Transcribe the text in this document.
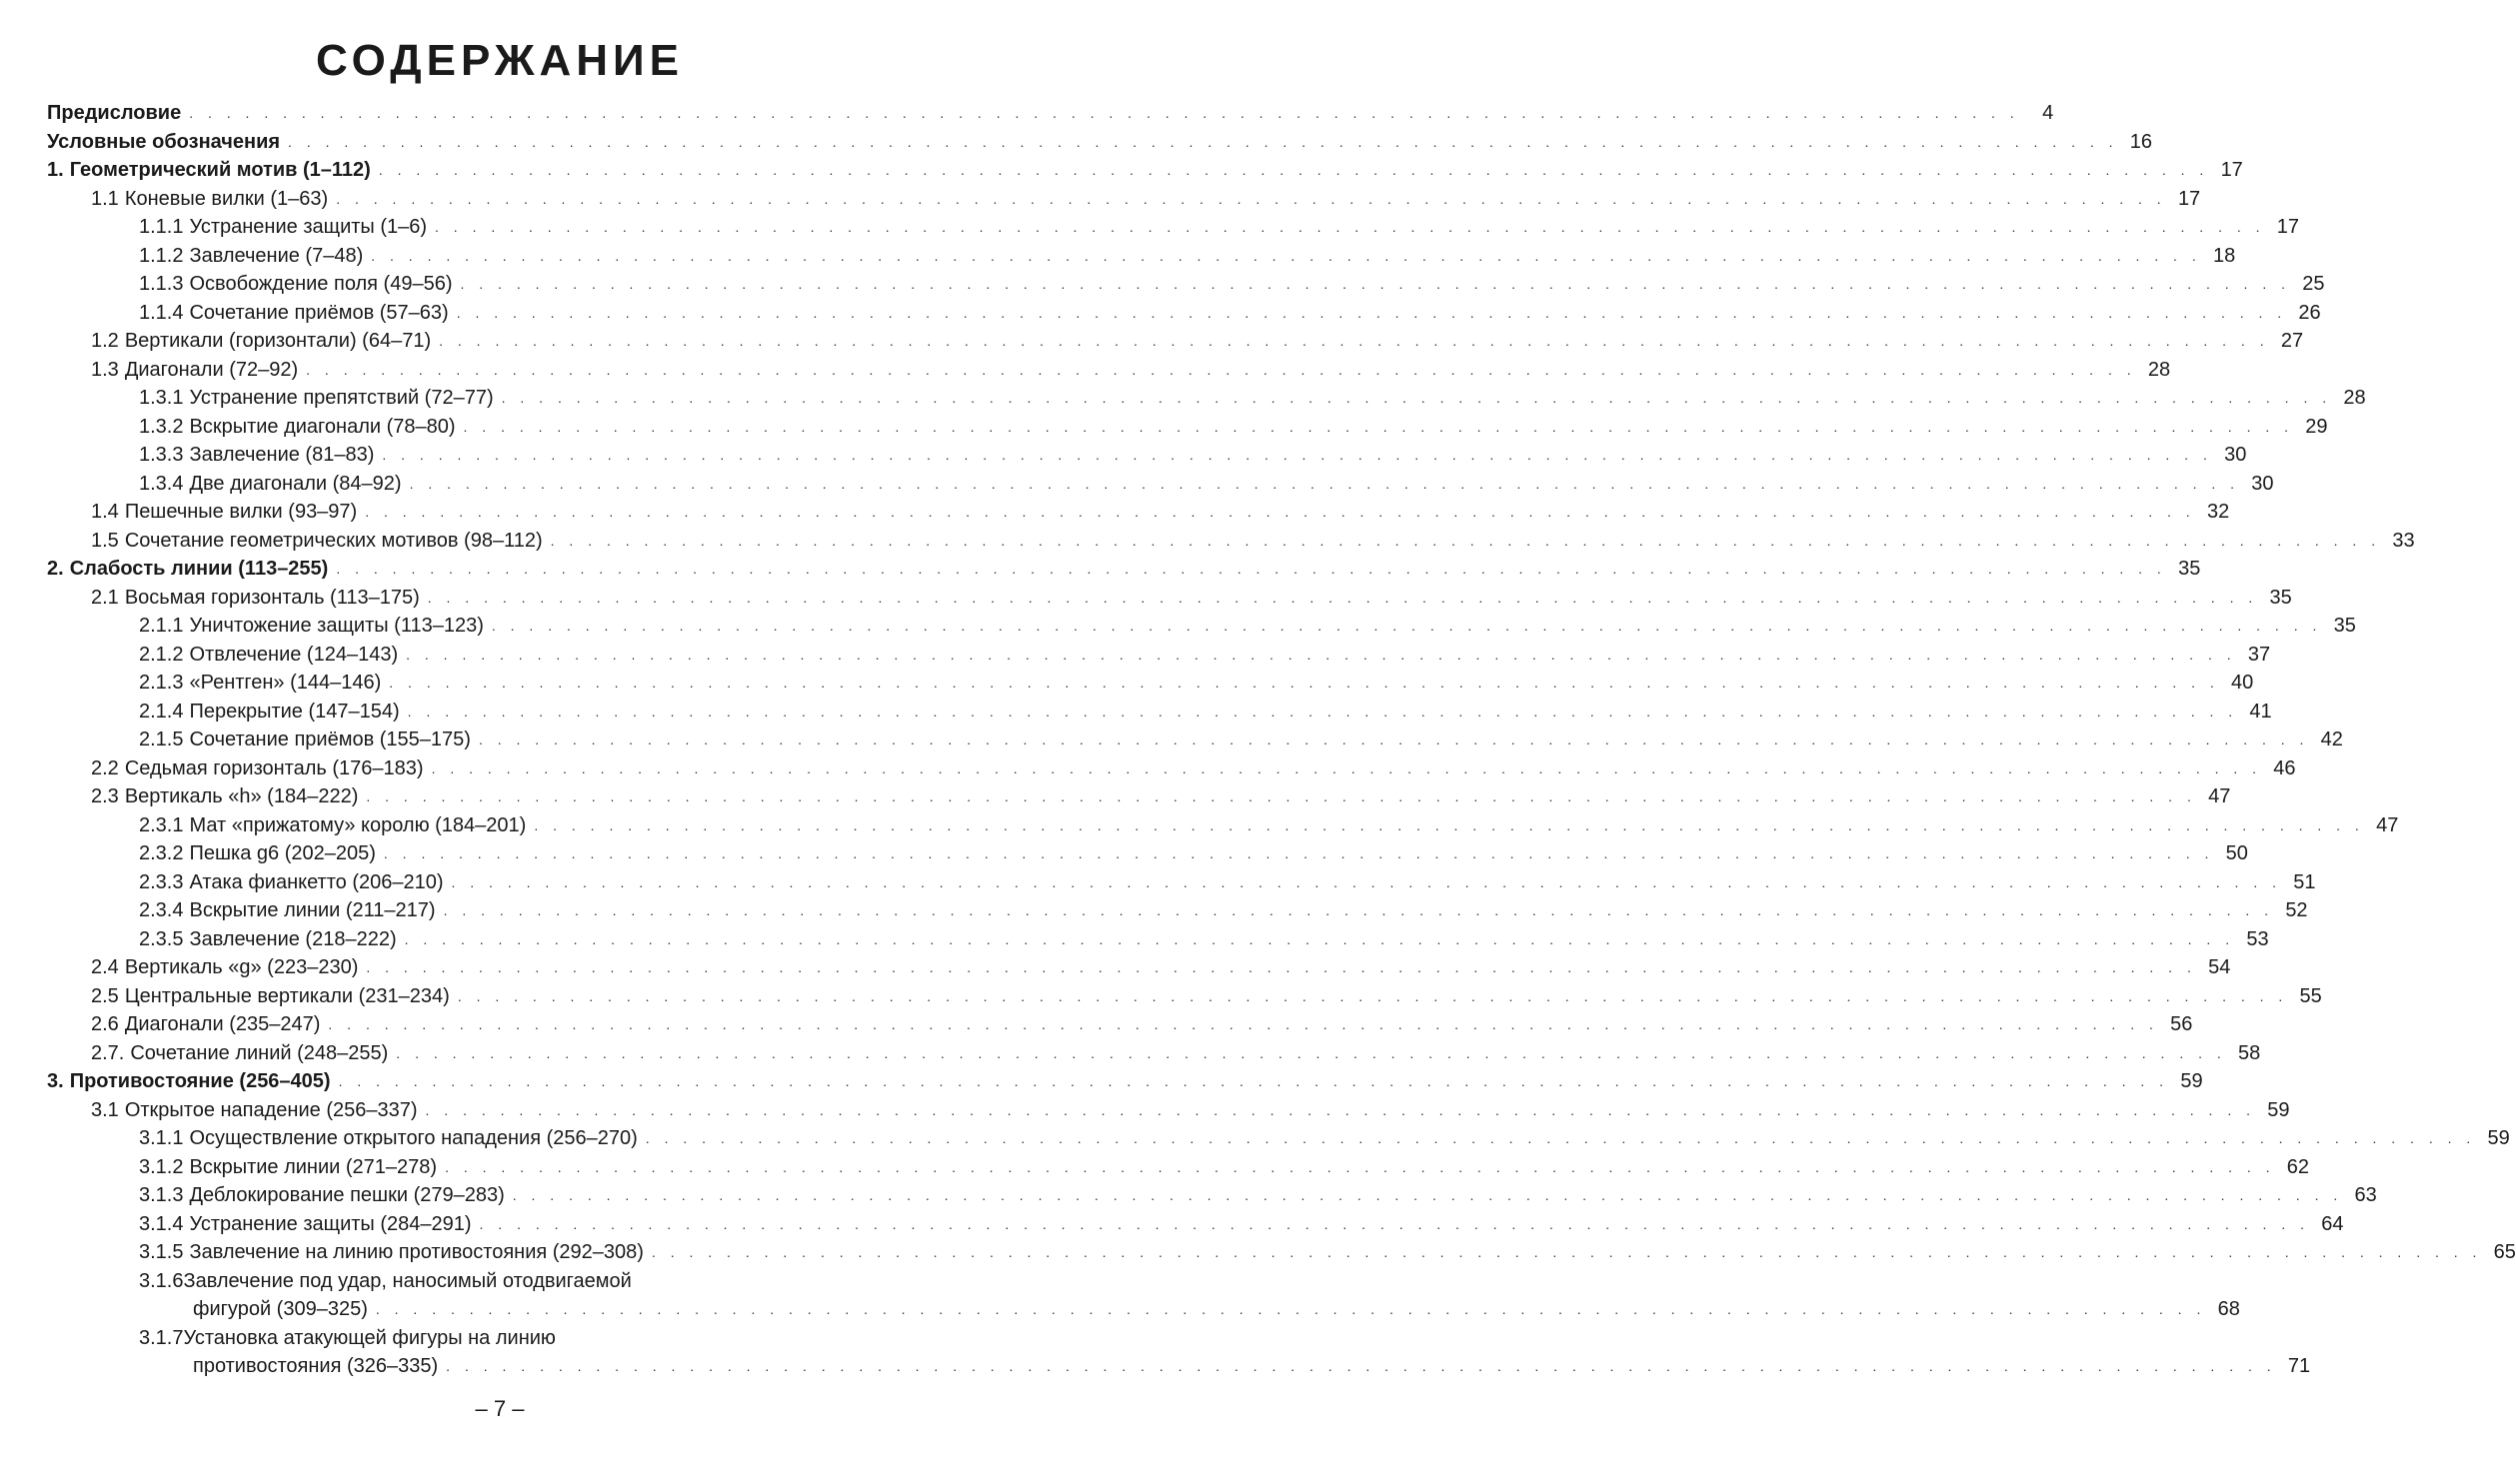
СОДЕРЖАНИЕ
Предисловие . . . . . . . . . . . . . . . . . . . . . . . . . . . . . . . . . . . . . . . . . . . . . . . . . . . . . . . . . . . . . . . . . . . . . . . . . . . . . . . . . . . . . . . . . . . . . . . . . .	4
Условные обозначения . . . . . . . . . . . . . . . . . . . . . . . . . . . . . . . . . . . . . . . . . . . . . . . . . . . . . . . . . . . . . . . . . . . . . . . . . . . . . . . . . . . . . . . . . . . . . . . . . . 16
1. Геометрический мотив (1–112) . . . . . . . . . . . . . . . . . . . . . . . . . . . . . . . . . . . . . . . . . . . . . . . . . . . . . . . . . . . . . . . . . . . . . . . . . . . . . . . . . . . . . . . . . . . . . . . . . . 17
1.1 Коневые вилки (1–63) . . . . . . . . . . . . . . . . . . . . . . . . . . . . . . . . . . . . . . . . . . . . . . . . . . . . . . . . . . . . . . . . . . . . . . . . . . . . . . . . . . . . . . . . . . . . . . . . . . 17
1.1.1 Устранение защиты (1–6) . . . . . . . . . . . . . . . . . . . . . . . . . . . . . . . . . . . . . . . . . . . . . . . . . . . . . . . . . . . . . . . . . . . . . . . . . . . . . . . . . . . . . . . . . . . . . . . . . . 17
1.1.2 Завлечение (7–48) . . . . . . . . . . . . . . . . . . . . . . . . . . . . . . . . . . . . . . . . . . . . . . . . . . . . . . . . . . . . . . . . . . . . . . . . . . . . . . . . . . . . . . . . . . . . . . . . . . 18
1.1.3 Освобождение поля (49–56) . . . . . . . . . . . . . . . . . . . . . . . . . . . . . . . . . . . . . . . . . . . . . . . . . . . . . . . . . . . . . . . . . . . . . . . . . . . . . . . . . . . . . . . . . . . . . . . . . . 25
1.1.4 Сочетание приёмов (57–63) . . . . . . . . . . . . . . . . . . . . . . . . . . . . . . . . . . . . . . . . . . . . . . . . . . . . . . . . . . . . . . . . . . . . . . . . . . . . . . . . . . . . . . . . . . . . . . . . . . 26
1.2 Вертикали (горизонтали) (64–71) . . . . . . . . . . . . . . . . . . . . . . . . . . . . . . . . . . . . . . . . . . . . . . . . . . . . . . . . . . . . . . . . . . . . . . . . . . . . . . . . . . . . . . . . . . . . . . . . . . 27
1.3 Диагонали (72–92) . . . . . . . . . . . . . . . . . . . . . . . . . . . . . . . . . . . . . . . . . . . . . . . . . . . . . . . . . . . . . . . . . . . . . . . . . . . . . . . . . . . . . . . . . . . . . . . . . . 28
1.3.1 Устранение препятствий (72–77) . . . . . . . . . . . . . . . . . . . . . . . . . . . . . . . . . . . . . . . . . . . . . . . . . . . . . . . . . . . . . . . . . . . . . . . . . . . . . . . . . . . . . . . . . . . . . . . . . . 28
1.3.2 Вскрытие диагонали (78–80) . . . . . . . . . . . . . . . . . . . . . . . . . . . . . . . . . . . . . . . . . . . . . . . . . . . . . . . . . . . . . . . . . . . . . . . . . . . . . . . . . . . . . . . . . . . . . . . . . . 29
1.3.3 Завлечение (81–83) . . . . . . . . . . . . . . . . . . . . . . . . . . . . . . . . . . . . . . . . . . . . . . . . . . . . . . . . . . . . . . . . . . . . . . . . . . . . . . . . . . . . . . . . . . . . . . . . . . 30
1.3.4 Две диагонали (84–92) . . . . . . . . . . . . . . . . . . . . . . . . . . . . . . . . . . . . . . . . . . . . . . . . . . . . . . . . . . . . . . . . . . . . . . . . . . . . . . . . . . . . . . . . . . . . . . . . . . 30
1.4 Пешечные вилки (93–97) . . . . . . . . . . . . . . . . . . . . . . . . . . . . . . . . . . . . . . . . . . . . . . . . . . . . . . . . . . . . . . . . . . . . . . . . . . . . . . . . . . . . . . . . . . . . . . . . . . 32
1.5 Сочетание геометрических мотивов (98–112) . . . . . . . . . . . . . . . . . . . . . . . . . . . . . . . . . . . . . . . . . . . . . . . . . . . . . . . . . . . . . . . . . . . . . . . . . . . . . . . . . . . . . . . . . . . . . . . . . . 33
2. Слабость линии (113–255) . . . . . . . . . . . . . . . . . . . . . . . . . . . . . . . . . . . . . . . . . . . . . . . . . . . . . . . . . . . . . . . . . . . . . . . . . . . . . . . . . . . . . . . . . . . . . . . . . . 35
2.1 Восьмая горизонталь (113–175) . . . . . . . . . . . . . . . . . . . . . . . . . . . . . . . . . . . . . . . . . . . . . . . . . . . . . . . . . . . . . . . . . . . . . . . . . . . . . . . . . . . . . . . . . . . . . . . . . . 35
2.1.1 Уничтожение защиты (113–123) . . . . . . . . . . . . . . . . . . . . . . . . . . . . . . . . . . . . . . . . . . . . . . . . . . . . . . . . . . . . . . . . . . . . . . . . . . . . . . . . . . . . . . . . . . . . . . . . . . 35
2.1.2 Отвлечение (124–143) . . . . . . . . . . . . . . . . . . . . . . . . . . . . . . . . . . . . . . . . . . . . . . . . . . . . . . . . . . . . . . . . . . . . . . . . . . . . . . . . . . . . . . . . . . . . . . . . . . 37
2.1.3 «Рентген» (144–146) . . . . . . . . . . . . . . . . . . . . . . . . . . . . . . . . . . . . . . . . . . . . . . . . . . . . . . . . . . . . . . . . . . . . . . . . . . . . . . . . . . . . . . . . . . . . . . . . . . 40
2.1.4 Перекрытие (147–154) . . . . . . . . . . . . . . . . . . . . . . . . . . . . . . . . . . . . . . . . . . . . . . . . . . . . . . . . . . . . . . . . . . . . . . . . . . . . . . . . . . . . . . . . . . . . . . . . . . 41
2.1.5 Сочетание приёмов (155–175) . . . . . . . . . . . . . . . . . . . . . . . . . . . . . . . . . . . . . . . . . . . . . . . . . . . . . . . . . . . . . . . . . . . . . . . . . . . . . . . . . . . . . . . . . . . . . . . . . . 42
2.2 Седьмая горизонталь (176–183) . . . . . . . . . . . . . . . . . . . . . . . . . . . . . . . . . . . . . . . . . . . . . . . . . . . . . . . . . . . . . . . . . . . . . . . . . . . . . . . . . . . . . . . . . . . . . . . . . . 46
2.3 Вертикаль «h» (184–222) . . . . . . . . . . . . . . . . . . . . . . . . . . . . . . . . . . . . . . . . . . . . . . . . . . . . . . . . . . . . . . . . . . . . . . . . . . . . . . . . . . . . . . . . . . . . . . . . . . 47
2.3.1 Мат «прижатому» королю (184–201) . . . . . . . . . . . . . . . . . . . . . . . . . . . . . . . . . . . . . . . . . . . . . . . . . . . . . . . . . . . . . . . . . . . . . . . . . . . . . . . . . . . . . . . . . . . . . . . . . . 47
2.3.2 Пешка g6 (202–205) . . . . . . . . . . . . . . . . . . . . . . . . . . . . . . . . . . . . . . . . . . . . . . . . . . . . . . . . . . . . . . . . . . . . . . . . . . . . . . . . . . . . . . . . . . . . . . . . . . 50
2.3.3 Атака фианкетто (206–210) . . . . . . . . . . . . . . . . . . . . . . . . . . . . . . . . . . . . . . . . . . . . . . . . . . . . . . . . . . . . . . . . . . . . . . . . . . . . . . . . . . . . . . . . . . . . . . . . . . 51
2.3.4 Вскрытие линии (211–217) . . . . . . . . . . . . . . . . . . . . . . . . . . . . . . . . . . . . . . . . . . . . . . . . . . . . . . . . . . . . . . . . . . . . . . . . . . . . . . . . . . . . . . . . . . . . . . . . . . 52
2.3.5 Завлечение (218–222) . . . . . . . . . . . . . . . . . . . . . . . . . . . . . . . . . . . . . . . . . . . . . . . . . . . . . . . . . . . . . . . . . . . . . . . . . . . . . . . . . . . . . . . . . . . . . . . . . . 53
2.4 Вертикаль «g» (223–230) . . . . . . . . . . . . . . . . . . . . . . . . . . . . . . . . . . . . . . . . . . . . . . . . . . . . . . . . . . . . . . . . . . . . . . . . . . . . . . . . . . . . . . . . . . . . . . . . . . 54
2.5 Центральные вертикали (231–234) . . . . . . . . . . . . . . . . . . . . . . . . . . . . . . . . . . . . . . . . . . . . . . . . . . . . . . . . . . . . . . . . . . . . . . . . . . . . . . . . . . . . . . . . . . . . . . . . . . 55
2.6 Диагонали (235–247) . . . . . . . . . . . . . . . . . . . . . . . . . . . . . . . . . . . . . . . . . . . . . . . . . . . . . . . . . . . . . . . . . . . . . . . . . . . . . . . . . . . . . . . . . . . . . . . . . . 56
2.7. Сочетание линий (248–255) . . . . . . . . . . . . . . . . . . . . . . . . . . . . . . . . . . . . . . . . . . . . . . . . . . . . . . . . . . . . . . . . . . . . . . . . . . . . . . . . . . . . . . . . . . . . . . . . . . 58
3. Противостояние (256–405) . . . . . . . . . . . . . . . . . . . . . . . . . . . . . . . . . . . . . . . . . . . . . . . . . . . . . . . . . . . . . . . . . . . . . . . . . . . . . . . . . . . . . . . . . . . . . . . . . . 59
3.1 Открытое нападение (256–337) . . . . . . . . . . . . . . . . . . . . . . . . . . . . . . . . . . . . . . . . . . . . . . . . . . . . . . . . . . . . . . . . . . . . . . . . . . . . . . . . . . . . . . . . . . . . . . . . . . 59
3.1.1 Осуществление открытого нападения (256–270) . . . . . . . . . . . . . . . . . . . . . . . . . . . . . . . . . . . . . . . . . . . . . . . . . . . . . . . . . . . . . . . . . . . . . . . . . . . . . . . . . . . . . . . . . . . . . . . . . . 59
3.1.2 Вскрытие линии (271–278) . . . . . . . . . . . . . . . . . . . . . . . . . . . . . . . . . . . . . . . . . . . . . . . . . . . . . . . . . . . . . . . . . . . . . . . . . . . . . . . . . . . . . . . . . . . . . . . . . . 62
3.1.3 Деблокирование пешки (279–283) . . . . . . . . . . . . . . . . . . . . . . . . . . . . . . . . . . . . . . . . . . . . . . . . . . . . . . . . . . . . . . . . . . . . . . . . . . . . . . . . . . . . . . . . . . . . . . . . . . 63
3.1.4 Устранение защиты (284–291) . . . . . . . . . . . . . . . . . . . . . . . . . . . . . . . . . . . . . . . . . . . . . . . . . . . . . . . . . . . . . . . . . . . . . . . . . . . . . . . . . . . . . . . . . . . . . . . . . . 64
3.1.5 Завлечение на линию противостояния (292–308) . . . . . . . . . . . . . . . . . . . . . . . . . . . . . . . . . . . . . . . . . . . . . . . . . . . . . . . . . . . . . . . . . . . . . . . . . . . . . . . . . . . . . . . . . . . . . . . . . . 65
3.1.6Завлечение под удар, наносимый отодвигаемой
фигурой (309–325) . . . . . . . . . . . . . . . . . . . . . . . . . . . . . . . . . . . . . . . . . . . . . . . . . . . . . . . . . . . . . . . . . . . . . . . . . . . . . . . . . . . . . . . . . . . . . . . . . . 68
3.1.7Установка атакующей фигуры на линию
противостояния (326–335) . . . . . . . . . . . . . . . . . . . . . . . . . . . . . . . . . . . . . . . . . . . . . . . . . . . . . . . . . . . . . . . . . . . . . . . . . . . . . . . . . . . . . . . . . . . . . . . . . . 71
– 7 –
